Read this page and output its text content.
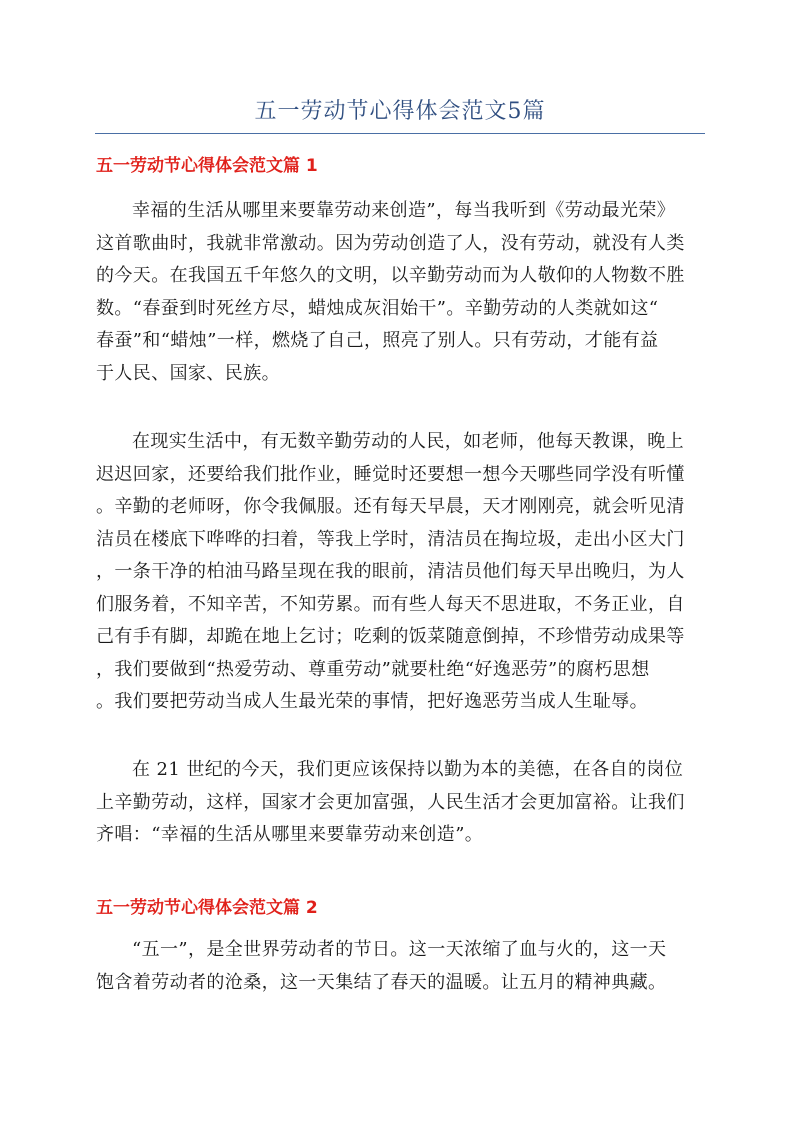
五一劳动节心得体会范文5篇
五一劳动节心得体会范文篇 1

幸福的生活从哪里来要靠劳动来创造”，每当我听到《劳动最光荣》
这首歌曲时，我就非常激动。因为劳动创造了人，没有劳动，就没有人类
的今天。在我国五千年悠久的文明，以辛勤劳动而为人敬仰的人物数不胜
数。“春蚕到时死丝方尽，蜡烛成灰泪始干”。辛勤劳动的人类就如这“
春蚕”和“蜡烛”一样，燃烧了自己，照亮了别人。只有劳动，才能有益
于人民、国家、民族。

在现实生活中，有无数辛勤劳动的人民，如老师，他每天教课，晚上
迟迟回家，还要给我们批作业，睡觉时还要想一想今天哪些同学没有听懂
。辛勤的老师呀，你令我佩服。还有每天早晨，天才刚刚亮，就会听见清
洁员在楼底下哗哗的扫着，等我上学时，清洁员在掏垃圾，走出小区大门
，一条干净的柏油马路呈现在我的眼前，清洁员他们每天早出晚归，为人
们服务着，不知辛苦，不知劳累。而有些人每天不思进取，不务正业，自
己有手有脚，却跪在地上乞讨；吃剩的饭菜随意倒掉，不珍惜劳动成果等
，我们要做到“热爱劳动、尊重劳动”就要杜绝“好逸恶劳”的腐朽思想
。我们要把劳动当成人生最光荣的事情，把好逸恶劳当成人生耻辱。

在 21 世纪的今天，我们更应该保持以勤为本的美德，在各自的岗位
上辛勤劳动，这样，国家才会更加富强，人民生活才会更加富裕。让我们
齐唱：“幸福的生活从哪里来要靠劳动来创造”。

五一劳动节心得体会范文篇 2

“五一”，是全世界劳动者的节日。这一天浓缩了血与火的，这一天
饱含着劳动者的沧桑，这一天集结了春天的温暖。让五月的精神典藏。
